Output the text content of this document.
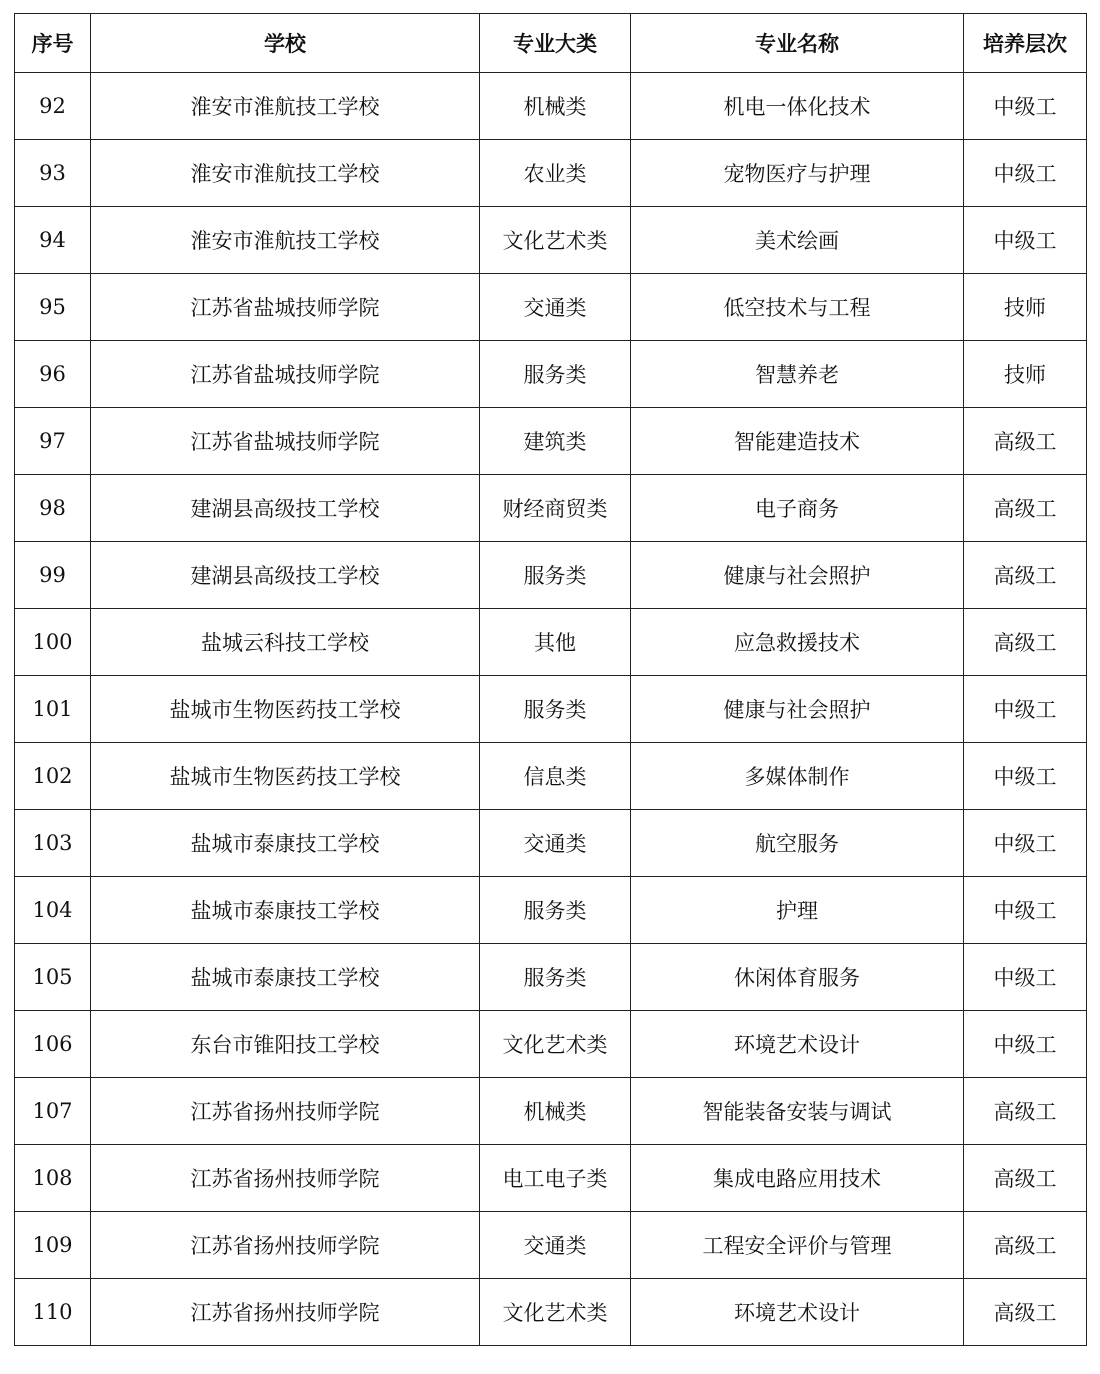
序号	学校	专业大类	专业名称	培养层次
92	淮安市淮航技工学校	机械类	机电一体化技术	中级工
93	淮安市淮航技工学校	农业类	宠物医疗与护理	中级工
94	淮安市淮航技工学校	文化艺术类	美术绘画	中级工
95	江苏省盐城技师学院	交通类	低空技术与工程	技师
96	江苏省盐城技师学院	服务类	智慧养老	技师
97	江苏省盐城技师学院	建筑类	智能建造技术	高级工
98	建湖县高级技工学校	财经商贸类	电子商务	高级工
99	建湖县高级技工学校	服务类	健康与社会照护	高级工
100	盐城云科技工学校	其他	应急救援技术	高级工
101	盐城市生物医药技工学校	服务类	健康与社会照护	中级工
102	盐城市生物医药技工学校	信息类	多媒体制作	中级工
103	盐城市泰康技工学校	交通类	航空服务	中级工
104	盐城市泰康技工学校	服务类	护理	中级工
105	盐城市泰康技工学校	服务类	休闲体育服务	中级工
106	东台市锥阳技工学校	文化艺术类	环境艺术设计	中级工
107	江苏省扬州技师学院	机械类	智能装备安装与调试	高级工
108	江苏省扬州技师学院	电工电子类	集成电路应用技术	高级工
109	江苏省扬州技师学院	交通类	工程安全评价与管理	高级工
110	江苏省扬州技师学院	文化艺术类	环境艺术设计	高级工
